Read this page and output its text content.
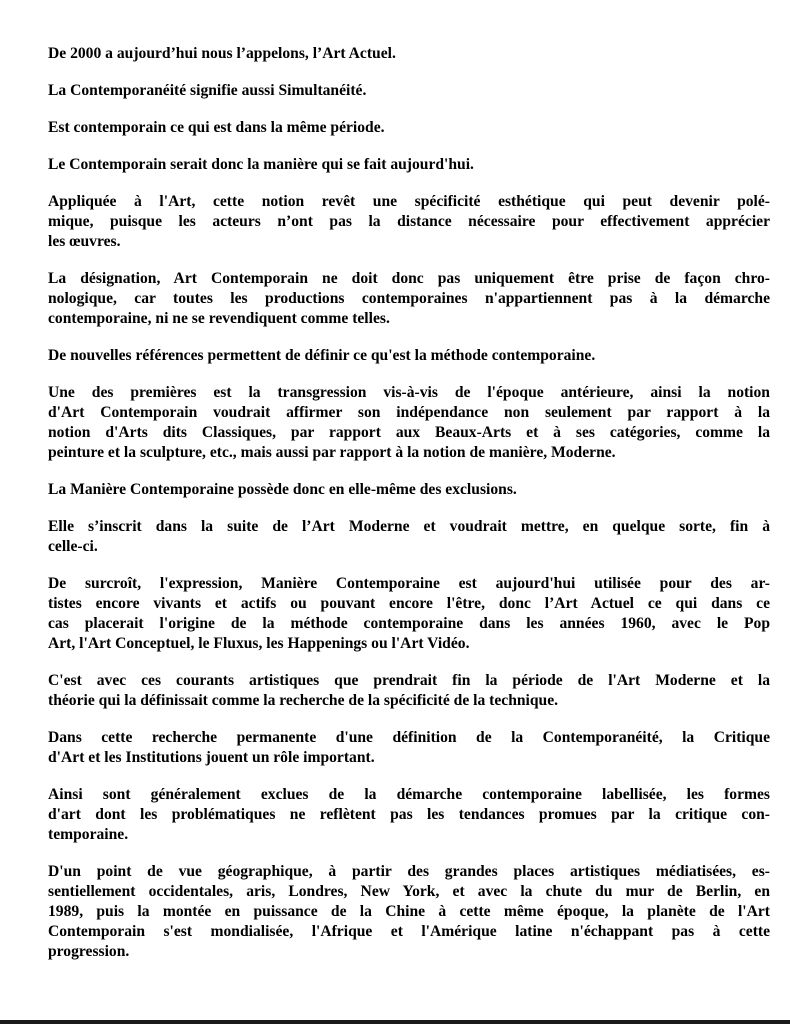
De 2000 a aujourd’hui nous l’appelons, l’Art Actuel.
La Contemporanéité signifie aussi Simultanéité.
Est contemporain ce qui est dans la même période.
Le Contemporain serait donc la manière qui se fait aujourd'hui.
Appliquée à l'Art, cette notion revêt une spécificité esthétique qui peut devenir polé-
mique, puisque les acteurs n’ont pas la distance nécessaire pour effectivement apprécier
les œuvres.
La désignation, Art Contemporain ne doit donc pas uniquement être prise de façon chro-
nologique, car toutes les productions contemporaines n'appartiennent pas à la démarche
contemporaine, ni ne se revendiquent comme telles.
De nouvelles références permettent de définir ce qu'est la méthode contemporaine.
Une des premières est la transgression vis-à-vis de l'époque antérieure, ainsi la notion
d'Art Contemporain voudrait affirmer son indépendance non seulement par rapport à la
notion d'Arts dits Classiques, par rapport aux Beaux-Arts et à ses catégories, comme la
peinture et la sculpture, etc., mais aussi par rapport à la notion de manière, Moderne.
La Manière Contemporaine possède donc en elle-même des exclusions.
Elle s’inscrit dans la suite de l’Art Moderne et voudrait mettre, en quelque sorte, fin à
celle-ci.
De surcroît, l'expression, Manière Contemporaine est aujourd'hui utilisée pour des ar-
tistes encore vivants et actifs ou pouvant encore l'être, donc l’Art Actuel ce qui dans ce
cas placerait l'origine de la méthode contemporaine dans les années 1960, avec le Pop
Art, l'Art Conceptuel, le Fluxus, les Happenings ou l'Art Vidéo.
C'est avec ces courants artistiques que prendrait fin la période de l'Art Moderne et la
théorie qui la définissait comme la recherche de la spécificité de la technique.
Dans cette recherche permanente d'une définition de la Contemporanéité, la Critique
d'Art et les Institutions jouent un rôle important.
Ainsi sont généralement exclues de la démarche contemporaine labellisée, les formes
d'art dont les problématiques ne reflètent pas les tendances promues par la critique con-
temporaine.
D'un point de vue géographique, à partir des grandes places artistiques médiatisées, es-
sentiellement occidentales, aris, Londres, New York, et avec la chute du mur de Berlin, en
1989, puis la montée en puissance de la Chine à cette même époque, la planète de l'Art
Contemporain s'est mondialisée, l'Afrique et l'Amérique latine n'échappant pas à cette
progression.
